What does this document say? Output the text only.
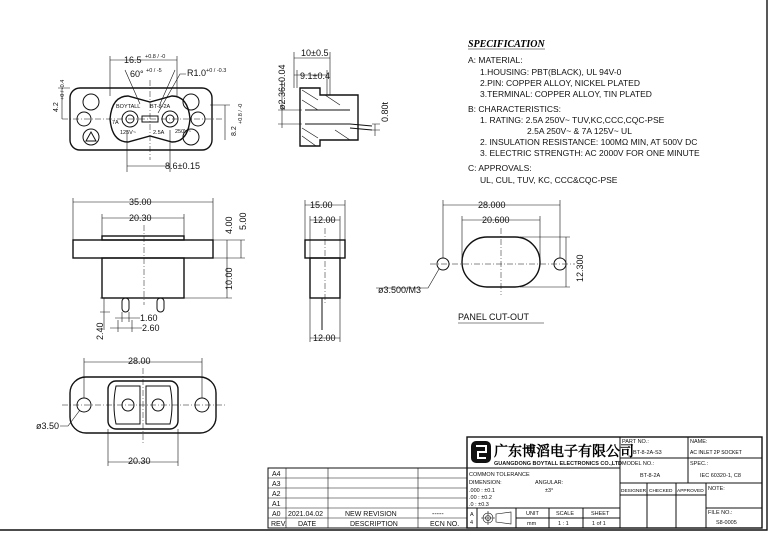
BOYTALL BT-8-2A
125V~	2.5A
7A
250V~
16.5 +0.8 / -0
60° +0 / -5	R1.0 +0 / -0.3
4.2
+0 / -0.4
8.2
+0.8 / -0
8.6±0.15
10±0.5
9.1±0.4
ø2.36±0.04
0.80t
35.00
20.30	4.00 5.00
10.00
1.60
2.60
2.40
15.00
12.00
12.00
28.000
20.600
12.300
ø3.500/M3
PANEL CUT-OUT
28.00
20.30
ø3.50
SPECIFICATION
A: MATERIAL:
1.HOUSING: PBT(BLACK), UL 94V-0
2.PIN: COPPER ALLOY, NICKEL PLATED
3.TERMINAL: COPPER ALLOY, TIN PLATED
B: CHARACTERISTICS:
1. RATING: 2.5A 250V~ TUV,KC,CCC,CQC-PSE
2.5A 250V~ & 7A 125V~ UL
2. INSULATION RESISTANCE: 100MΩ MIN, AT 500V DC
3. ELECTRIC STRENGTH: AC 2000V FOR ONE MINUTE
C: APPROVALS:
UL, CUL, TUV, KC, CCC&CQC-PSE
A4
A3
A2
A1
A0 2021.04.02	NEW REVISION	-----
REV. DATE	DESCRIPTION	ECN NO.
广东博滔电子有限公司
GUANGDONG BOYTALL ELECTRONICS CO.,LTD
COMMON TOLERANCE
DIMENSION:	ANGULAR:
±3°
.000 : ±0.1
.00 : ±0.2
.0 : ±0.3
A
4
UNIT
mm
SCALE
1 : 1
SHEET
1 of 1
PART NO.:
BT-8-2A-S3
NAME:
AC INLET 2P SOCKET
MODEL NO.:
BT-8-2A
SPEC.:
IEC 60320-1, C8
DESIGNER CHECKED APPROVED NOTE:
FILE NO.:
S8-0005
